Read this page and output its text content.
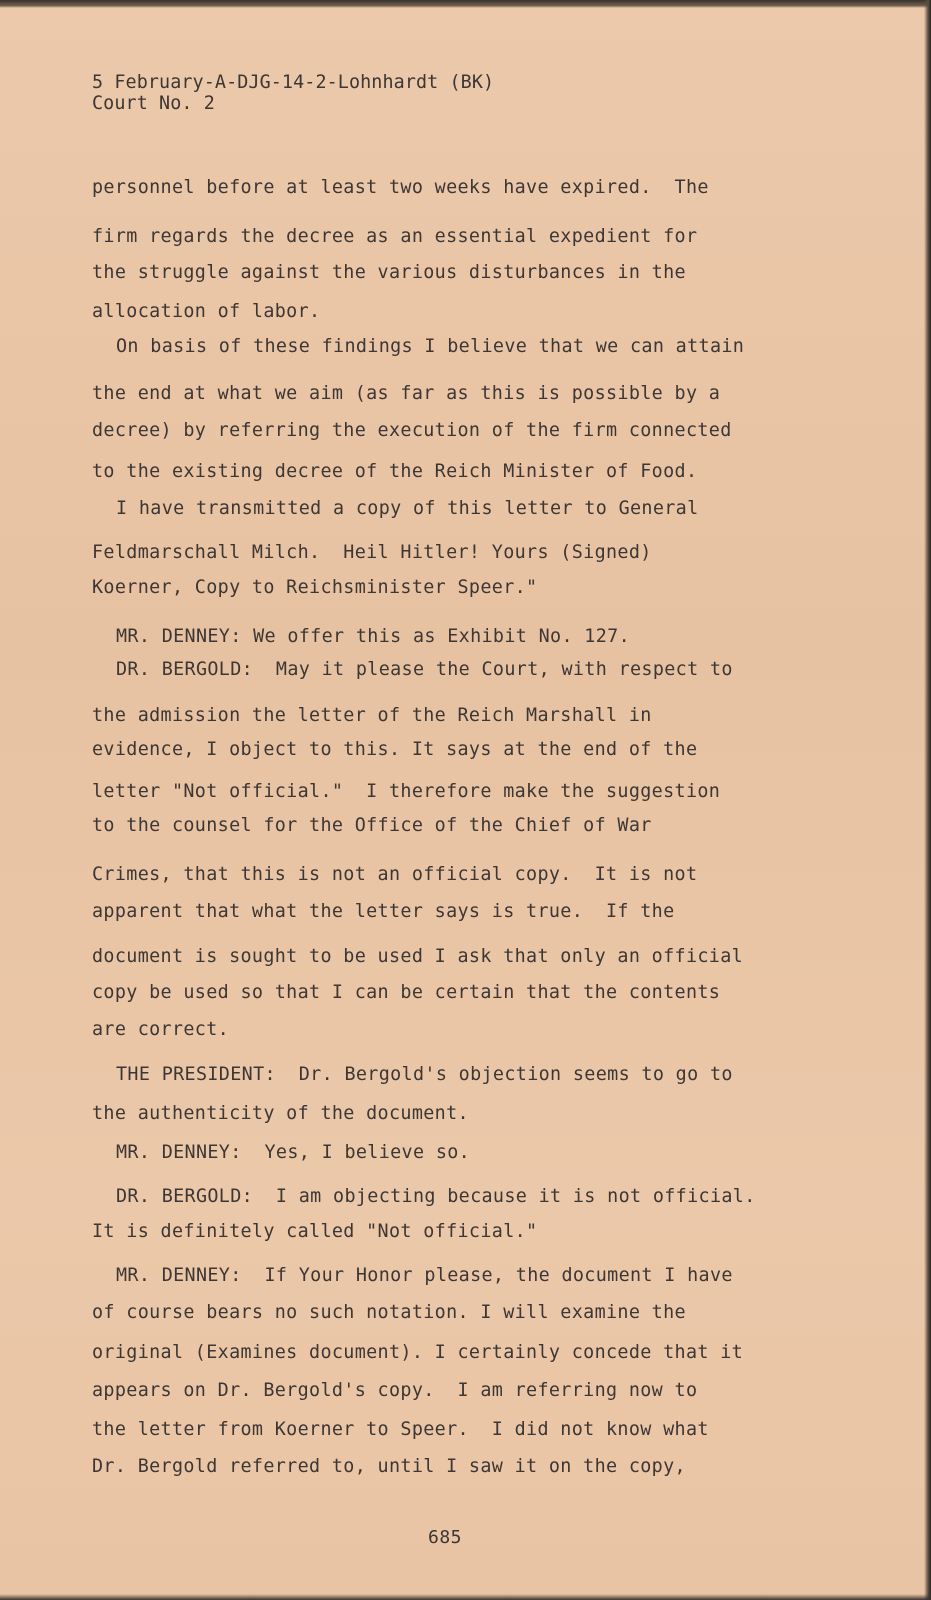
5 February-A-DJG-14-2-Lohnhardt (BK)
Court No. 2
personnel before at least two weeks have expired.  The
firm regards the decree as an essential expedient for
the struggle against the various disturbances in the
allocation of labor.
On basis of these findings I believe that we can attain
the end at what we aim (as far as this is possible by a
decree) by referring the execution of the firm connected
to the existing decree of the Reich Minister of Food.
I have transmitted a copy of this letter to General
Feldmarschall Milch.  Heil Hitler! Yours (Signed)
Koerner, Copy to Reichsminister Speer."
MR. DENNEY: We offer this as Exhibit No. 127.
DR. BERGOLD:  May it please the Court, with respect to
the admission the letter of the Reich Marshall in
evidence, I object to this. It says at the end of the
letter "Not official."  I therefore make the suggestion
to the counsel for the Office of the Chief of War
Crimes, that this is not an official copy.  It is not
apparent that what the letter says is true.  If the
document is sought to be used I ask that only an official
copy be used so that I can be certain that the contents
are correct.
THE PRESIDENT:  Dr. Bergold's objection seems to go to
the authenticity of the document.
MR. DENNEY:  Yes, I believe so.
DR. BERGOLD:  I am objecting because it is not official.
It is definitely called "Not official."
MR. DENNEY:  If Your Honor please, the document I have
of course bears no such notation. I will examine the
original (Examines document). I certainly concede that it
appears on Dr. Bergold's copy.  I am referring now to
the letter from Koerner to Speer.  I did not know what
Dr. Bergold referred to, until I saw it on the copy,
685
